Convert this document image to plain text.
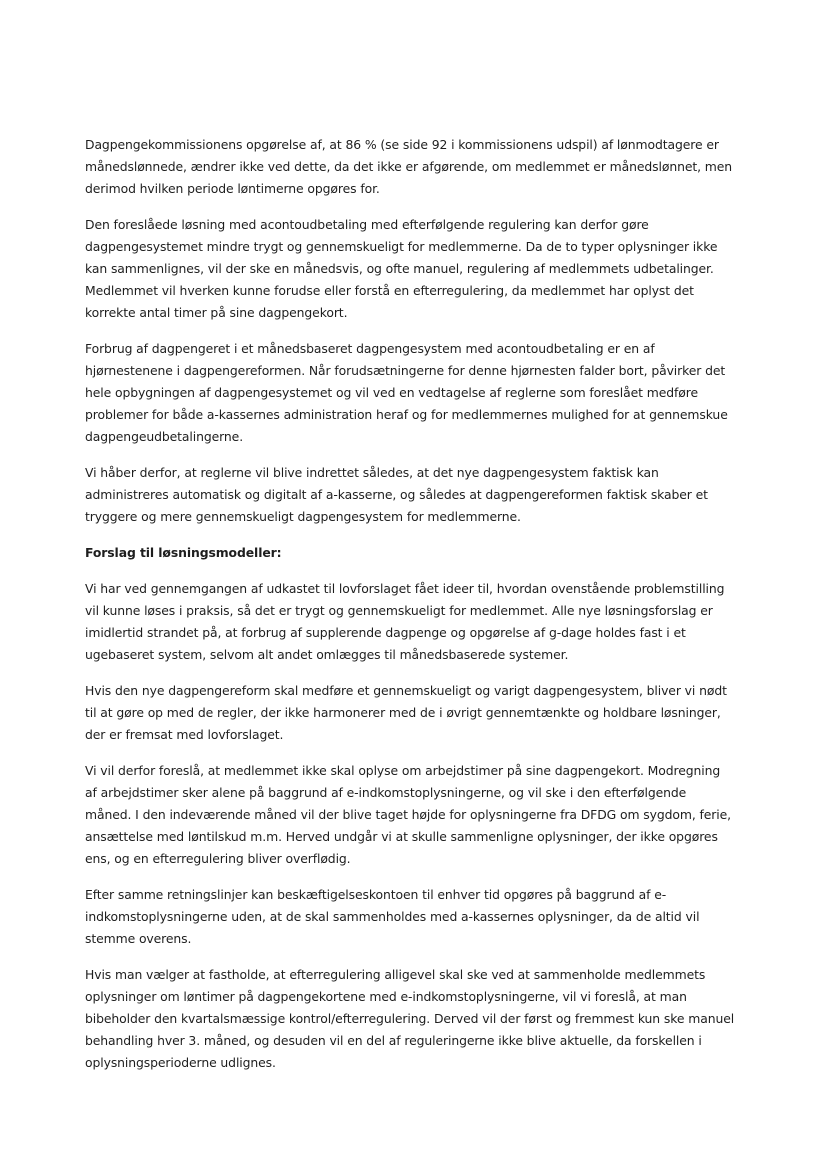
Dagpengekommissionens opgørelse af, at 86 % (se side 92 i kommissionens udspil) af lønmodtagere er månedslønnede, ændrer ikke ved dette, da det ikke er afgørende, om medlemmet er månedslønnet, men derimod hvilken periode løntimerne opgøres for.

Den foreslåede løsning med acontoudbetaling med efterfølgende regulering kan derfor gøre dagpengesystemet mindre trygt og gennemskueligt for medlemmerne. Da de to typer oplysninger ikke kan sammenlignes, vil der ske en månedsvis, og ofte manuel, regulering af medlemmets udbetalinger. Medlemmet vil hverken kunne forudse eller forstå en efterregulering, da medlemmet har oplyst det korrekte antal timer på sine dagpengekort.

Forbrug af dagpengeret i et månedsbaseret dagpengesystem med acontoudbetaling er en af hjørnestenene i dagpengereformen. Når forudsætningerne for denne hjørnesten falder bort, påvirker det hele opbygningen af dagpengesystemet og vil ved en vedtagelse af reglerne som foreslået medføre problemer for både a-kassernes administration heraf og for medlemmernes mulighed for at gennemskue dagpengeudbetalingerne.

Vi håber derfor, at reglerne vil blive indrettet således, at det nye dagpengesystem faktisk kan administreres automatisk og digitalt af a-kasserne, og således at dagpengereformen faktisk skaber et tryggere og mere gennemskueligt dagpengesystem for medlemmerne.

Forslag til løsningsmodeller:

Vi har ved gennemgangen af udkastet til lovforslaget fået ideer til, hvordan ovenstående problemstilling vil kunne løses i praksis, så det er trygt og gennemskueligt for medlemmet. Alle nye løsningsforslag er imidlertid strandet på, at forbrug af supplerende dagpenge og opgørelse af g-dage holdes fast i et ugebaseret system, selvom alt andet omlægges til månedsbaserede systemer.

Hvis den nye dagpengereform skal medføre et gennemskueligt og varigt dagpengesystem, bliver vi nødt til at gøre op med de regler, der ikke harmonerer med de i øvrigt gennemtænkte og holdbare løsninger, der er fremsat med lovforslaget.

Vi vil derfor foreslå, at medlemmet ikke skal oplyse om arbejdstimer på sine dagpengekort. Modregning af arbejdstimer sker alene på baggrund af e-indkomstoplysningerne, og vil ske i den efterfølgende måned. I den indeværende måned vil der blive taget højde for oplysningerne fra DFDG om sygdom, ferie, ansættelse med løntilskud m.m. Herved undgår vi at skulle sammenligne oplysninger, der ikke opgøres ens, og en efterregulering bliver overflødig.

Efter samme retningslinjer kan beskæftigelseskontoen til enhver tid opgøres på baggrund af e-indkomstoplysningerne uden, at de skal sammenholdes med a-kassernes oplysninger, da de altid vil stemme overens.

Hvis man vælger at fastholde, at efterregulering alligevel skal ske ved at sammenholde medlemmets oplysninger om løntimer på dagpengekortene med e-indkomstoplysningerne, vil vi foreslå, at man bibeholder den kvartalsmæssige kontrol/efterregulering. Derved vil der først og fremmest kun ske manuel behandling hver 3. måned, og desuden vil en del af reguleringerne ikke blive aktuelle, da forskellen i oplysningsperioderne udlignes.
